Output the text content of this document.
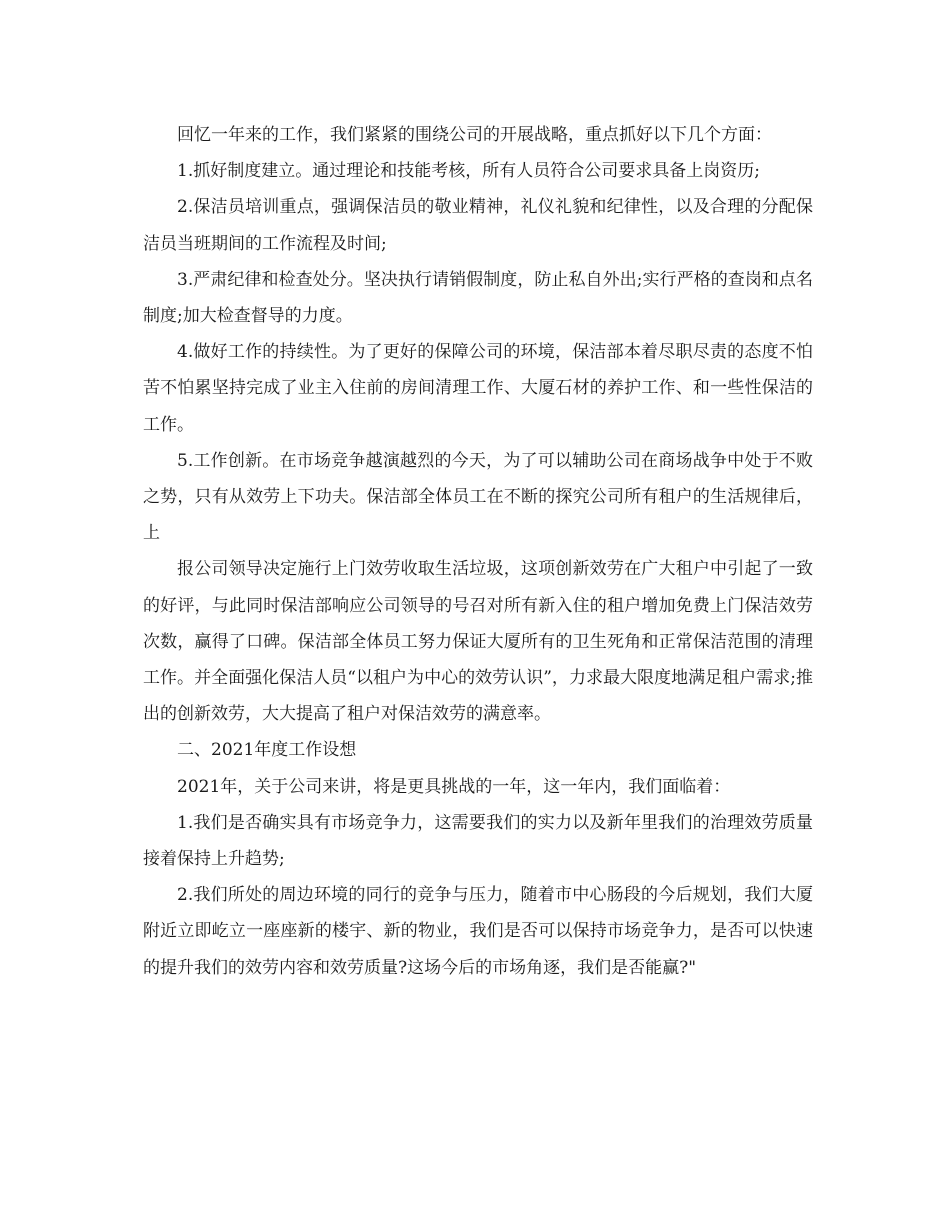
回忆一年来的工作，我们紧紧的围绕公司的开展战略，重点抓好以下几个方面：

1.抓好制度建立。通过理论和技能考核，所有人员符合公司要求具备上岗资历;

2.保洁员培训重点，强调保洁员的敬业精神，礼仪礼貌和纪律性，以及合理的分配保洁员当班期间的工作流程及时间;

3.严肃纪律和检查处分。坚决执行请销假制度，防止私自外出;实行严格的查岗和点名制度;加大检查督导的力度。

4.做好工作的持续性。为了更好的保障公司的环境，保洁部本着尽职尽责的态度不怕苦不怕累坚持完成了业主入住前的房间清理工作、大厦石材的养护工作、和一些性保洁的工作。

5.工作创新。在市场竞争越演越烈的今天，为了可以辅助公司在商场战争中处于不败之势，只有从效劳上下功夫。保洁部全体员工在不断的探究公司所有租户的生活规律后，上

报公司领导决定施行上门效劳收取生活垃圾，这项创新效劳在广大租户中引起了一致的好评，与此同时保洁部响应公司领导的号召对所有新入住的租户增加免费上门保洁效劳次数，赢得了口碑。保洁部全体员工努力保证大厦所有的卫生死角和正常保洁范围的清理工作。并全面强化保洁人员“以租户为中心的效劳认识”，力求最大限度地满足租户需求;推出的创新效劳，大大提高了租户对保洁效劳的满意率。

二、2021年度工作设想

2021年，关于公司来讲，将是更具挑战的一年，这一年内，我们面临着：

1.我们是否确实具有市场竞争力，这需要我们的实力以及新年里我们的治理效劳质量接着保持上升趋势;

2.我们所处的周边环境的同行的竞争与压力，随着市中心肠段的今后规划，我们大厦附近立即屹立一座座新的楼宇、新的物业，我们是否可以保持市场竞争力，是否可以快速的提升我们的效劳内容和效劳质量?这场今后的市场角逐，我们是否能赢?"
